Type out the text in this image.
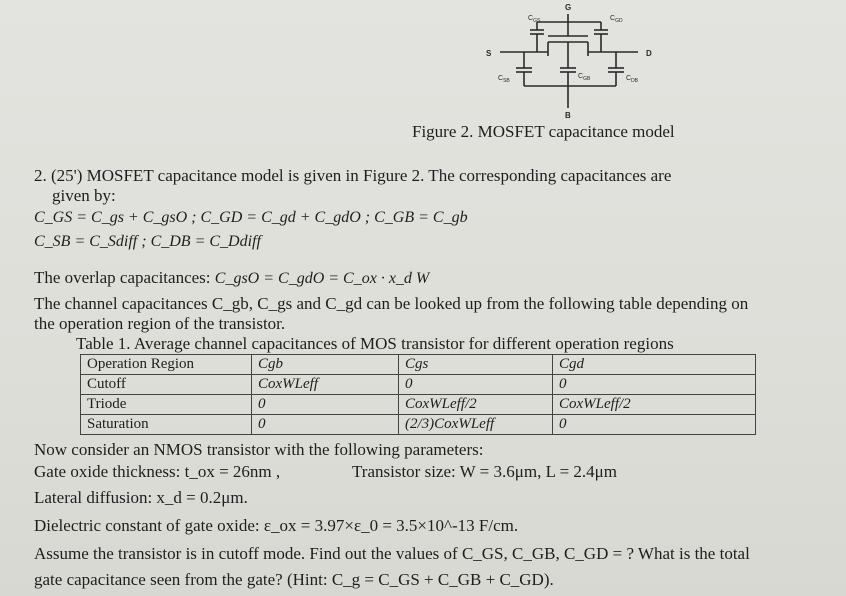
G
S	D
B
$C_{GS}$	$C_{GD}$
$C_{SB}$
$C_{GB}$	$C_{DB}$
Figure 2. MOSFET capacitance model
2. (25') MOSFET capacitance model is given in Figure 2. The corresponding capacitances are
given by:
C_GS = C_gs + C_gsO ; C_GD = C_gd + C_gdO ; C_GB = C_gb
C_SB = C_Sdiff ; C_DB = C_Ddiff
The overlap capacitances: C_gsO = C_gdO = C_ox · x_d W
The channel capacitances C_gb, C_gs and C_gd can be looked up from the following table depending on
the operation region of the transistor.
Table 1. Average channel capacitances of MOS transistor for different operation regions
Operation Region	Cgb	Cgs	Cgd
Cutoff	CoxWLeff	0	0
Triode	0	CoxWLeff/2	CoxWLeff/2
Saturation	0	(2/3)CoxWLeff	0
Now consider an NMOS transistor with the following parameters:
Gate oxide thickness: t_ox = 26nm ,	Transistor size: W = 3.6μm, L = 2.4μm
Lateral diffusion: x_d = 0.2μm.
Dielectric constant of gate oxide: ε_ox = 3.97×ε_0 = 3.5×10^-13 F/cm.
Assume the transistor is in cutoff mode. Find out the values of C_GS, C_GB, C_GD = ? What is the total
gate capacitance seen from the gate? (Hint: C_g = C_GS + C_GB + C_GD).
